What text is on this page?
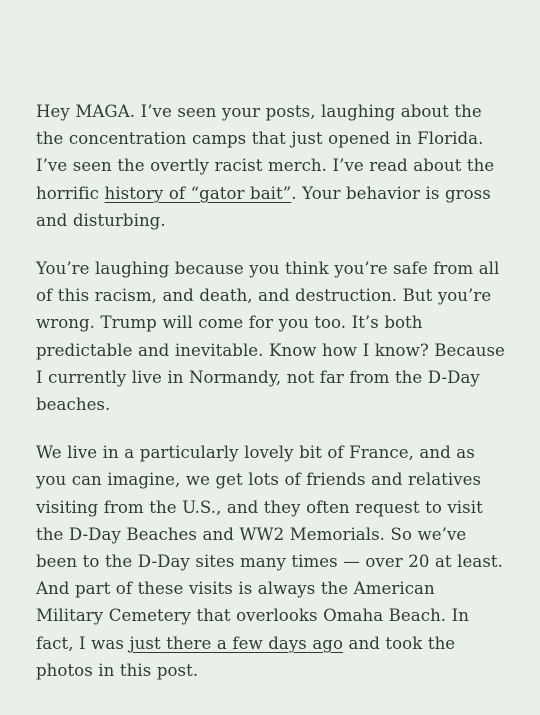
Hey MAGA. I’ve seen your posts, laughing about the the concentration camps that just opened in Florida. I’ve seen the overtly racist merch. I’ve read about the horrific history of “gator bait”. Your behavior is gross and disturbing.

You’re laughing because you think you’re safe from all of this racism, and death, and destruction. But you’re wrong. Trump will come for you too. It’s both predictable and inevitable. Know how I know? Because I currently live in Normandy, not far from the D-Day beaches.

We live in a particularly lovely bit of France, and as you can imagine, we get lots of friends and relatives visiting from the U.S., and they often request to visit the D-Day Beaches and WW2 Memorials. So we’ve been to the D-Day sites many times — over 20 at least. And part of these visits is always the American Military Cemetery that overlooks Omaha Beach. In fact, I was just there a few days ago and took the photos in this post.
